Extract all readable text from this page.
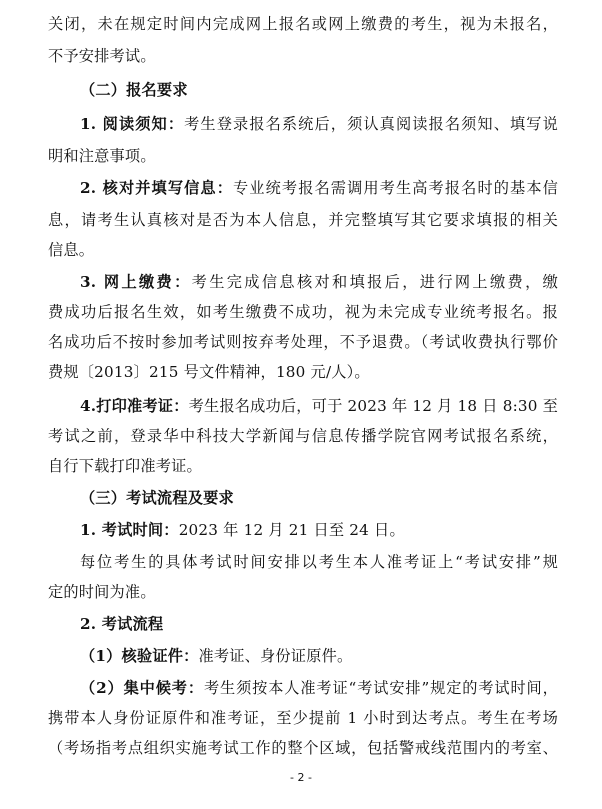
关闭，未在规定时间内完成网上报名或网上缴费的考生，视为未报名，
不予安排考试。
（二）报名要求
1. 阅读须知：考生登录报名系统后，须认真阅读报名须知、填写说
明和注意事项。
2. 核对并填写信息：专业统考报名需调用考生高考报名时的基本信
息，请考生认真核对是否为本人信息，并完整填写其它要求填报的相关
信息。
3. 网上缴费：考生完成信息核对和填报后，进行网上缴费，缴
费成功后报名生效，如考生缴费不成功，视为未完成专业统考报名。报
名成功后不按时参加考试则按弃考处理，不予退费。（考试收费执行鄂价
费规〔2013〕215 号文件精神，180 元/人）。
4.打印准考证：考生报名成功后，可于 2023 年 12 月 18 日 8:30 至
考试之前，登录华中科技大学新闻与信息传播学院官网考试报名系统，
自行下载打印准考证。
（三）考试流程及要求
1. 考试时间：2023 年 12 月 21 日至 24 日。
每位考生的具体考试时间安排以考生本人准考证上“考试安排”规
定的时间为准。
2. 考试流程
（1）核验证件：准考证、身份证原件。
（2）集中候考：考生须按本人准考证“考试安排”规定的考试时间，
携带本人身份证原件和准考证，至少提前 1 小时到达考点。考生在考场
（考场指考点组织实施考试工作的整个区域，包括警戒线范围内的考室、
- 2 -
